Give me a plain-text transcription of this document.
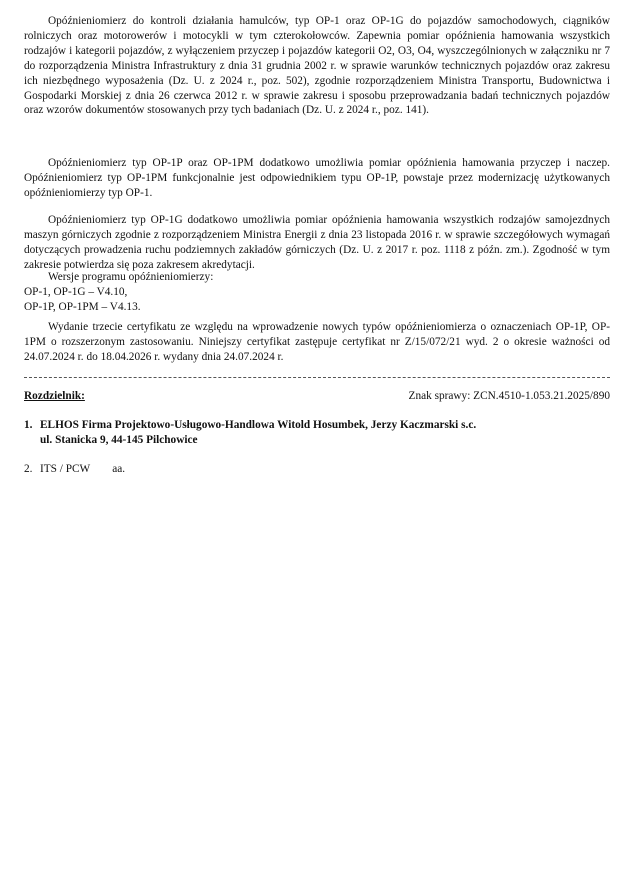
Opóźnieniomierz do kontroli działania hamulców, typ OP-1 oraz OP-1G do pojazdów samochodowych, ciągników rolniczych oraz motorowerów i motocykli w tym czterokołowców. Zapewnia pomiar opóźnienia hamowania wszystkich rodzajów i kategorii pojazdów, z wyłączeniem przyczep i pojazdów kategorii O2, O3, O4, wyszczególnionych w załączniku nr 7 do rozporządzenia Ministra Infrastruktury z dnia 31 grudnia 2002 r. w sprawie warunków technicznych pojazdów oraz zakresu ich niezbędnego wyposażenia (Dz. U. z 2024 r., poz. 502), zgodnie rozporządzeniem Ministra Transportu, Budownictwa i Gospodarki Morskiej z dnia 26 czerwca 2012 r. w sprawie zakresu i sposobu przeprowadzania badań technicznych pojazdów oraz wzorów dokumentów stosowanych przy tych badaniach (Dz. U. z 2024 r., poz. 141).

Opóźnieniomierz typ OP-1P oraz OP-1PM dodatkowo umożliwia pomiar opóźnienia hamowania przyczep i naczep. Opóźnieniomierz typ OP-1PM funkcjonalnie jest odpowiednikiem typu OP-1P, powstaje przez modernizację użytkowanych opóźnieniomierzy typ OP-1.

Opóźnieniomierz typ OP-1G dodatkowo umożliwia pomiar opóźnienia hamowania wszystkich rodzajów samojezdnych maszyn górniczych zgodnie z rozporządzeniem Ministra Energii z dnia 23 listopada 2016 r. w sprawie szczegółowych wymagań dotyczących prowadzenia ruchu podziemnych zakładów górniczych (Dz. U. z 2017 r. poz. 1118 z późn. zm.). Zgodność w tym zakresie potwierdza się poza zakresem akredytacji.

Wersje programu opóźnieniomierzy:
OP-1, OP-1G – V4.10,
OP-1P, OP-1PM – V4.13.

Wydanie trzecie certyfikatu ze względu na wprowadzenie nowych typów opóźnieniomierza o oznaczeniach OP-1P, OP-1PM o rozszerzonym zastosowaniu. Niniejszy certyfikat zastępuje certyfikat nr Z/15/072/21 wyd. 2 o okresie ważności od 24.07.2024 r. do 18.04.2026 r. wydany dnia 24.07.2024 r.

Rozdzielnik:	Znak sprawy: ZCN.4510-1.053.21.2025/890
1. ELHOS Firma Projektowo-Usługowo-Handlowa Witold Hosumbek, Jerzy Kaczmarski s.c.
ul. Stanicka 9, 44-145 Pilchowice
2. ITS / PCW aa.
